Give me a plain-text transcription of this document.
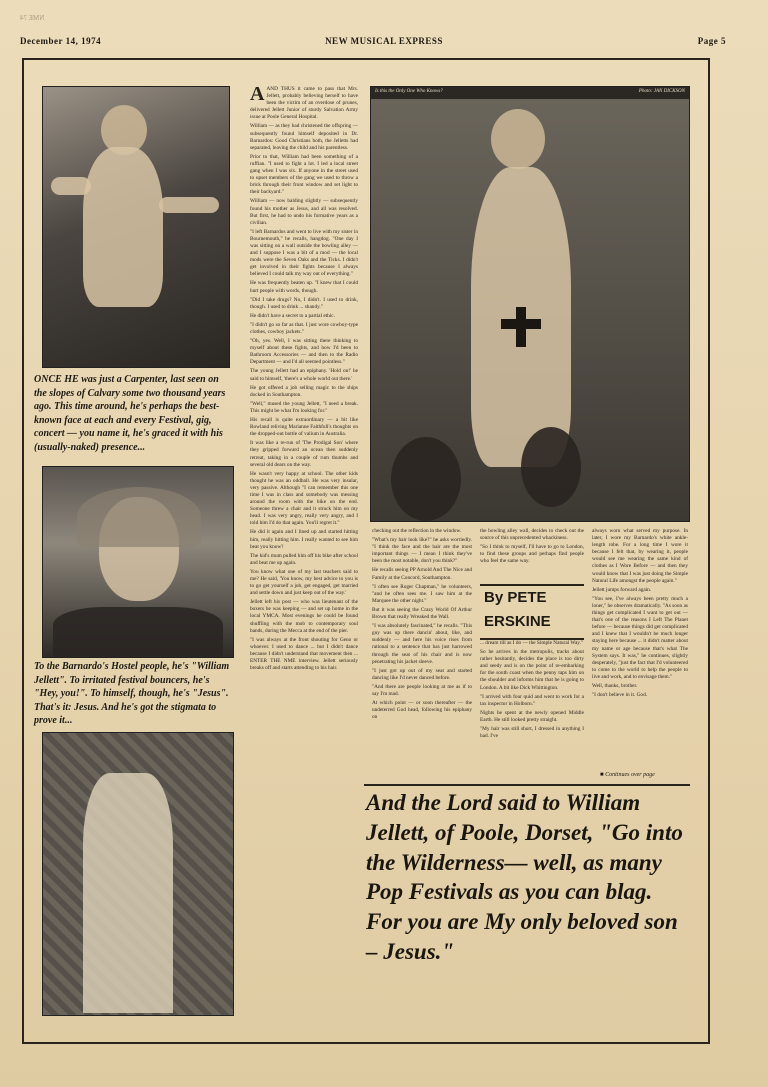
NME 74
December 14, 1974	NEW MUSICAL EXPRESS	Page 5

ONCE HE was just a Carpenter, last seen on the slopes of Calvary some two thousand years ago. This time around, he's perhaps the best-known face at each and every Festival, gig, concert — you name it, he's graced it with his (usually-naked) presence...

To the Barnardo's Hostel people, he's "William Jellett". To irritated festival bouncers, he's "Hey, you!". To himself, though, he's "Jesus". That's it: Jesus. And he's got the stigmata to prove it...

Is this the Only One Who Knows?	Photo: JAN DICKSON

AAND THUS it came to pass that Mrs. Jellett, probably believing herself to have been the victim of an overdose of prunes, delivered Jellett Junior of sturdy Salvation Army issue at Poole General Hospital.

William — as they had christened the offspring — subsequently found himself deposited in Dr. Barnardos: Good Christians both, the Jelletts had separated, leaving the child and his parentless.

Prior to that, William had been something of a ruffian. "I used to fight a lot. I led a local street gang when I was six. If anyone in the street used to upset members of the gang we used to throw a brick through their front window and set light to their backyard."

William — now balding slightly — subsequently found his mother as Jesus, and all was resolved. But first, he had to undo his formative years as a civilian.

"I left Barnardos and went to live with my sister in Bournemouth," he recalls, hangdog. "One day I was sitting on a wall outside the bowling alley — and I suppose I was a bit of a mod — the local mods were the Seven Oaks and the Ticks. I didn't get involved in their fights because I always believed I could talk my way out of everything."

He was frequently beaten up. "I knew that I could hurt people with words, though.

"Did I take drugs? No, I didn't. I used to drink, though. I used to drink ... shandy."

He didn't have a secret to a partial ethic.

"I didn't go so far as that. I just wore cowboy-type clothes, cowboy jackets."

"Oh, yes. Well, I was sitting there thinking to myself about these fights, and how I'd been to Bathroom Accessories — and then to the Radio Department — and I'd all seemed pointless."

The young Jellett had an epiphany. 'Hold on!' he said to himself, 'there's a whole world out there.'

He got offered a job selling magic to the ships docked in Southampton.

"Well," mused the young Jellett, "I need a break. This might be what I'm looking for."

His recall is quite extraordinary — a bit like Rowland reliving Marianne Faithfull's thoughts on the dropped-out bottle of valium in Australia.

It was like a re-run of 'The Prodigal Son' where they gripped forward an ocean then suddenly retreat, taking in a couple of rum thumbs and several old dears on the way.

He wasn't very happy at school. The other kids thought he was an oddball. He was very insular, very passive. Although "I can remember this one time I was in class and somebody was messing around the room with the bike on the end. Someone threw a chair and it struck him on my head. I was very angry, really very angry, and I told him I'd do that again. You'll regret it."

He did it again and I lined up and started hitting him, really hitting him. I really wanted to see him beat you know?

The kid's mum pulled him off his bike after school and beat me up again.

You know what one of my last teachers said to me? He said, 'You know, my best advice to you is to go get yourself a job, get engaged, get married and settle down and just keep out of the way.'

Jellett left his post — who was lieutenant of the boxers he was keeping — and set up home in the local YMCA. Most evenings he could be found shuffling with the mob to contemporary soul bands, during the Mecca at the end of the pier.

"I was always at the front shouting for Geno or whoever. I used to dance ... but I didn't dance because I didn't understand that movement then ... ENTER THE NME interview. Jellett seriously breaks off and starts attending to his hair.

checking out the reflection in the window.

"What's my hair look like?" he asks worriedly. "I think the face and the hair are the most important things — I mean I think they've been the most notable, don't you think?"

He recalls seeing PP Arnold And The Nice and Family at the Concord, Southampton.

"I often see Roger Chapman," he volunteers, "and he often sees me. I saw him at the Marquee the other night."

But it was seeing the Crazy World Of Arthur Brown that really Wreaked the Wall.

"I was absolutely fascinated," he recalls. "This guy was up there dancin' about, like, and suddenly — and here his voice rises from rational to a sentence that has just harrowed through the seat of his chair and is now penetrating his jacket sleeve.

"I just got up out of my seat and started dancing like I'd never danced before.

"And there are people looking at me as if to say I'm mad.

At which point — or soon thereafter — the undeterred God head, following his epiphany on

the bowling alley wall, decides to check out the source of this unprecedented whackiness.

"So I think to myself, I'll have to go to London, to find these groups and perhaps find people who feel the same way.

By PETE
ERSKINE

... dream till as I do — the Simple Natural Way."

So he arrives in the metropolis, tracks about rather hesitantly, decides the place is too dirty and seedy and is on the point of re-embarking for the south coast when the penny taps him on the shoulder and informs him that he is going to London. A bit like Dick Whittington.

"I arrived with four quid and went to work for a tax inspector in Holborn."

Nights he spent at the newly opened Middle Earth. He still looked pretty straight.

"My hair was still short, I dressed in anything I had. I've

always worn what served my purpose. In later, I wore my Barnardo's white ankle-length robe. For a long time I wore it because I felt that, by wearing it, people would see me wearing the same kind of clothes as I Wore Before — and then they would know that I was just doing the Simple Natural Life amongst the people again."

Jellett jumps forward again.

"You see, I've always been pretty much a loner," he observes dramatically. "As soon as things get complicated I want to get out — that's one of the reasons I Left The Planet before — because things did get complicated and I knew that I wouldn't be much longer staying here because ... it didn't matter about my name or age because that's what The System says. It was," he continues, slightly desperately, "just the fact that I'd volunteered to come to the world to help the people to live and work, and to envisage them."

Well, thanks, brother.

"I don't believe in it. God.

■ Continues over page

And the Lord said to William Jellett, of Poole, Dorset, "Go into the Wilderness— well, as many Pop Festivals as you can blag. For you are My only beloved son – Jesus."
